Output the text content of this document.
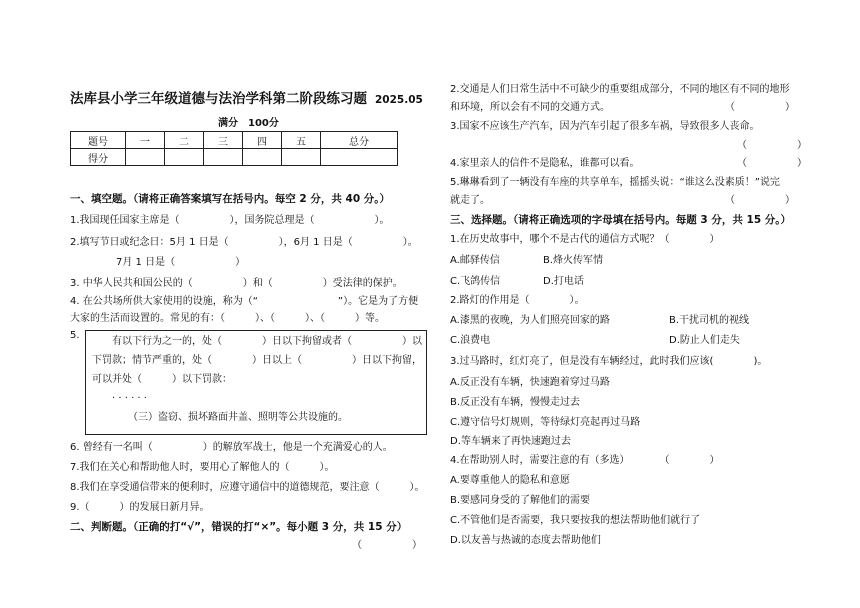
法库县小学三年级道德与法治学科第二阶段练习题 2025.05
满分　100分
题号	一	二	三	四	五	总分
得分						
一、填空题。（请将正确答案填写在括号内。每空 2 分，共 40 分。）
1.我国现任国家主席是（　　　　　），国务院总理是（　　　　　　）。
2.填写节日或纪念日：5月 1 日是（　　　　　），6月 1 日是（　　　　　）。
7月 1 日是（　　　　　　）
3. 中华人民共和国公民的（　　　　　）和（　　　　　）受法律的保护。
4. 在公共场所供大家使用的设施，称为（“　　　　　　　　”）。它是为了方便
大家的生活而设置的。常见的有：（　　　）、（　　　）、（　　　）等。
5.
有以下行为之一的，处（　　　　）日以下拘留或者（　　　　　）以
下罚款；情节严重的，处（　　　　）日以上（　　　　　）日以下拘留，
可以并处（　　　）以下罚款：
· · · · · ·
（三）盗窃、损坏路面井盖、照明等公共设施的。
6. 曾经有一名叫（　　　　　）的解放军战士，他是一个充满爱心的人。
7.我们在关心和帮助他人时，要用心了解他人的（　　　）。
8.我们在享受通信带来的便利时，应遵守通信中的道德规范，要注意（　　　）。
9.（　　　）的发展日新月异。
二、判断题。（正确的打“√”，错误的打“×”。每小题 3 分，共 15 分）
（　　　　　）
2.交通是人们日常生活中不可缺少的重要组成部分，不同的地区有不同的地形
和环境，所以会有不同的交通方式。	（　　　　　）
3.国家不应该生产汽车，因为汽车引起了很多车祸，导致很多人丧命。
（　　　　　）
4.家里亲人的信件不是隐私，谁都可以看。	（　　　　　）
5.琳琳看到了一辆没有车座的共享单车，摇摇头说：“谁这么没素质！”说完
就走了。	（　　　　　）
三、选择题。（请将正确选项的字母填在括号内。每题 3 分，共 15 分。）
1.在历史故事中，哪个不是古代的通信方式呢？（　　　　）
A.邮驿传信	B.烽火传军情
C.飞鸽传信	D.打电话
2.路灯的作用是（　　　　）。
A.漆黑的夜晚，为人们照亮回家的路	B.干扰司机的视线
C.浪费电	D.防止人们走失
3.过马路时，红灯亮了，但是没有车辆经过，此时我们应该(　　　　)。
A.反正没有车辆，快速跑着穿过马路
B.反正没有车辆，慢慢走过去
C.遵守信号灯规则，等待绿灯亮起再过马路
D.等车辆来了再快速跑过去
4.在帮助别人时，需要注意的有（多选）　　　　（　　　　）
A.要尊重他人的隐私和意愿
B.要感同身受的了解他们的需要
C.不管他们是否需要，我只要按我的想法帮助他们就行了
D.以友善与热诚的态度去帮助他们
